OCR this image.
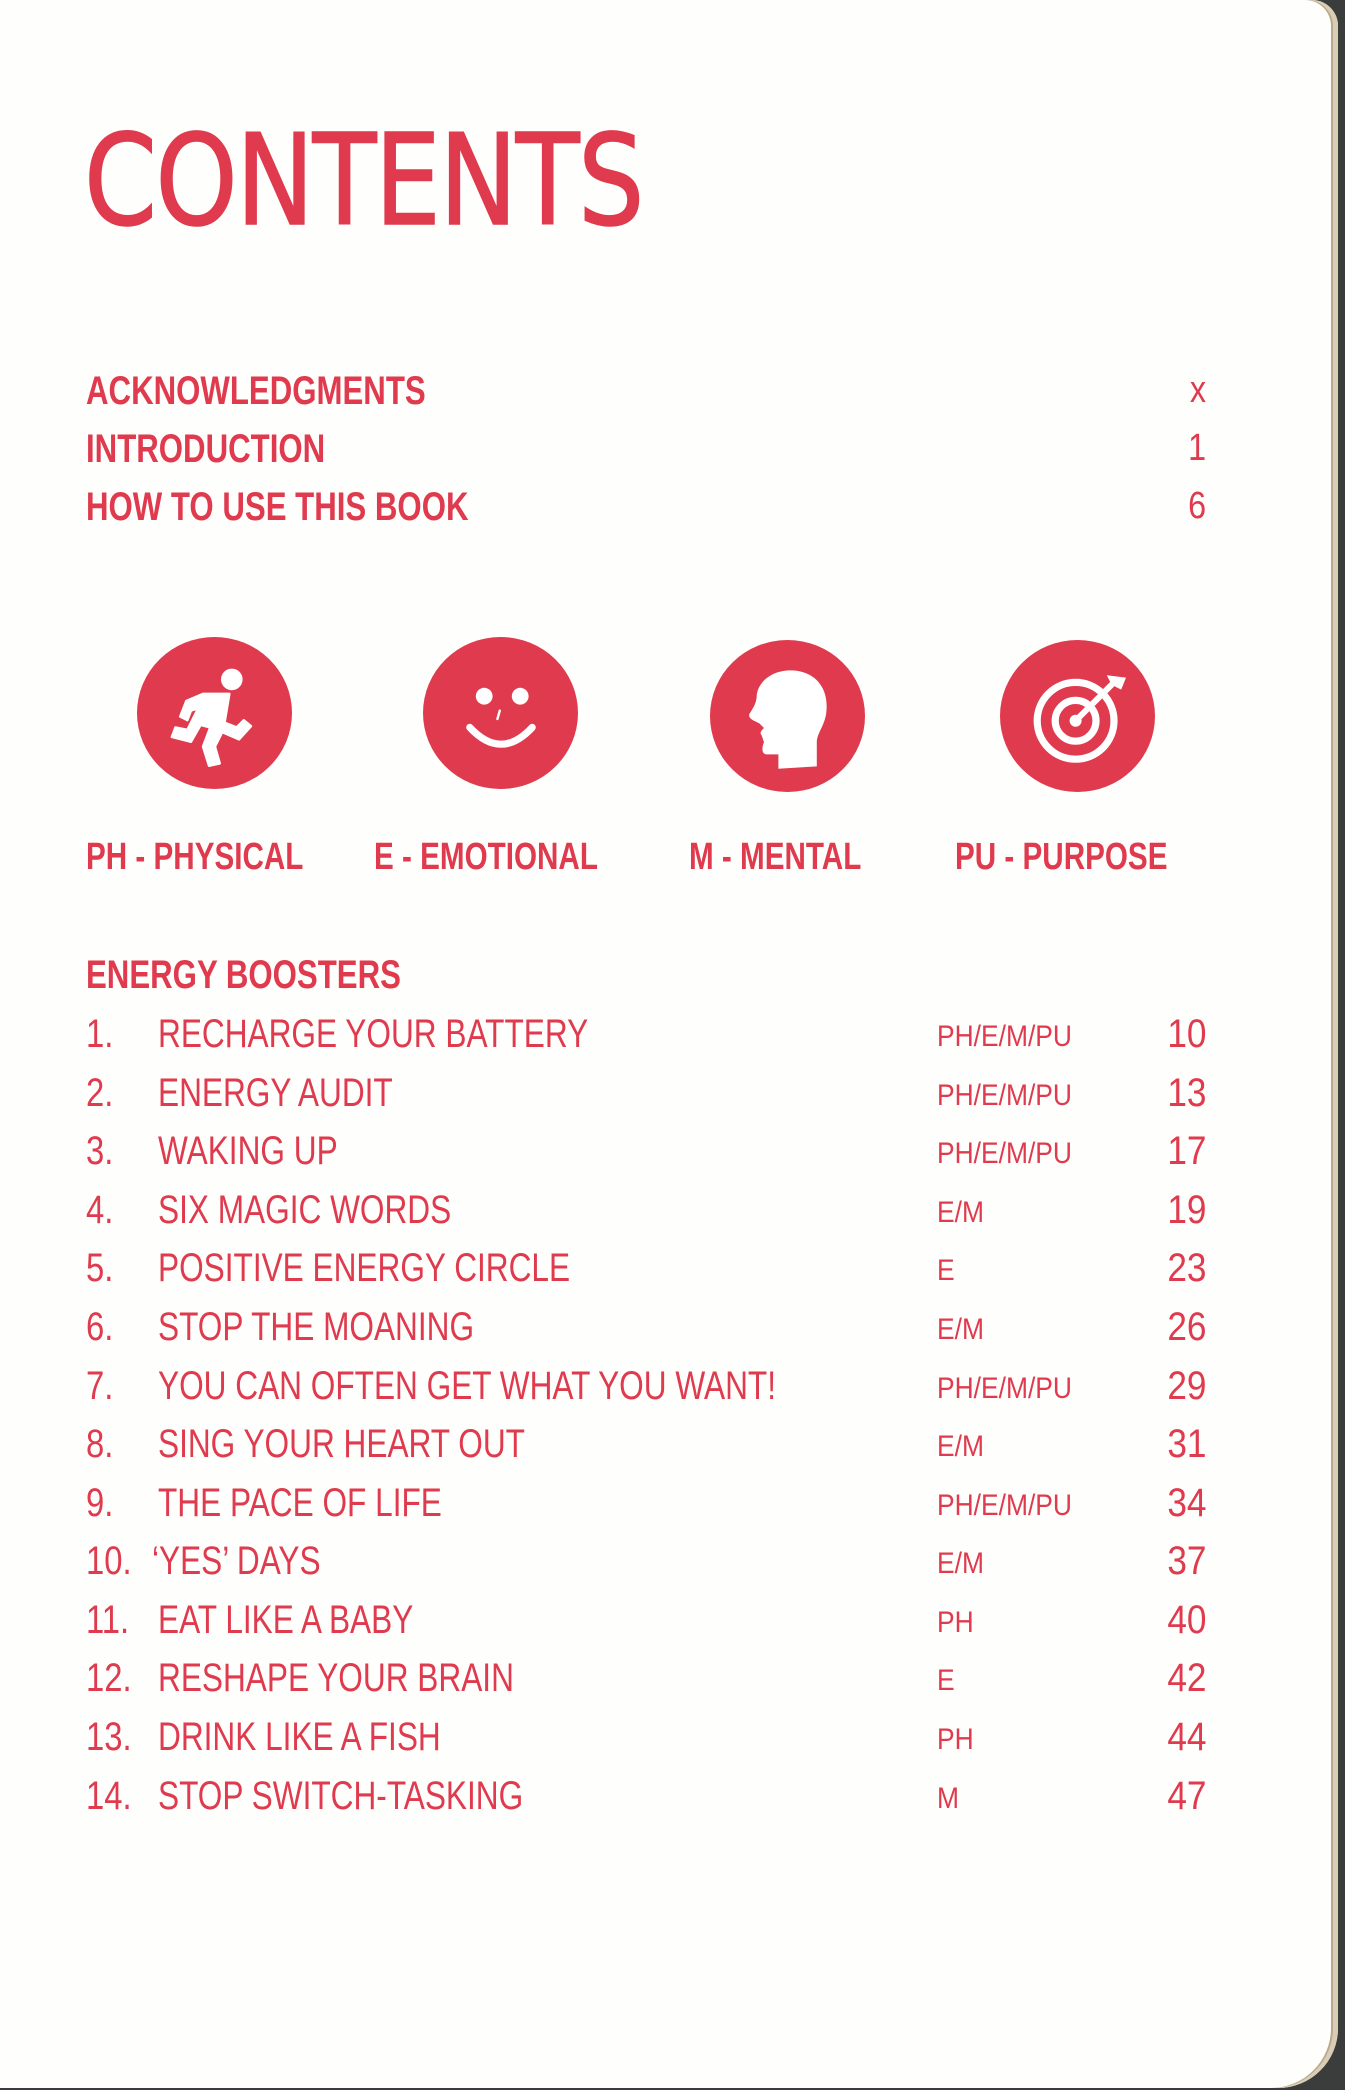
CONTENTS
ACKNOWLEDGMENTS	x
INTRODUCTION	1
HOW TO USE THIS BOOK	6
PH - PHYSICAL E - EMOTIONAL M - MENTAL PU - PURPOSE
ENERGY BOOSTERS
1. RECHARGE YOUR BATTERY	PH/E/M/PU 10
2. ENERGY AUDIT	PH/E/M/PU 13
3. WAKING UP	PH/E/M/PU 17
4. SIX MAGIC WORDS	E/M	19
5. POSITIVE ENERGY CIRCLE	E	23
6. STOP THE MOANING	E/M	26
7. YOU CAN OFTEN GET WHAT YOU WANT!	PH/E/M/PU 29
8. SING YOUR HEART OUT	E/M	31
9. THE PACE OF LIFE	PH/E/M/PU 34
10. ‘YES’ DAYS	E/M	37
11. EAT LIKE A BABY	PH	40
12. RESHAPE YOUR BRAIN	E	42
13. DRINK LIKE A FISH	PH	44
14. STOP SWITCH-TASKING	M	47
